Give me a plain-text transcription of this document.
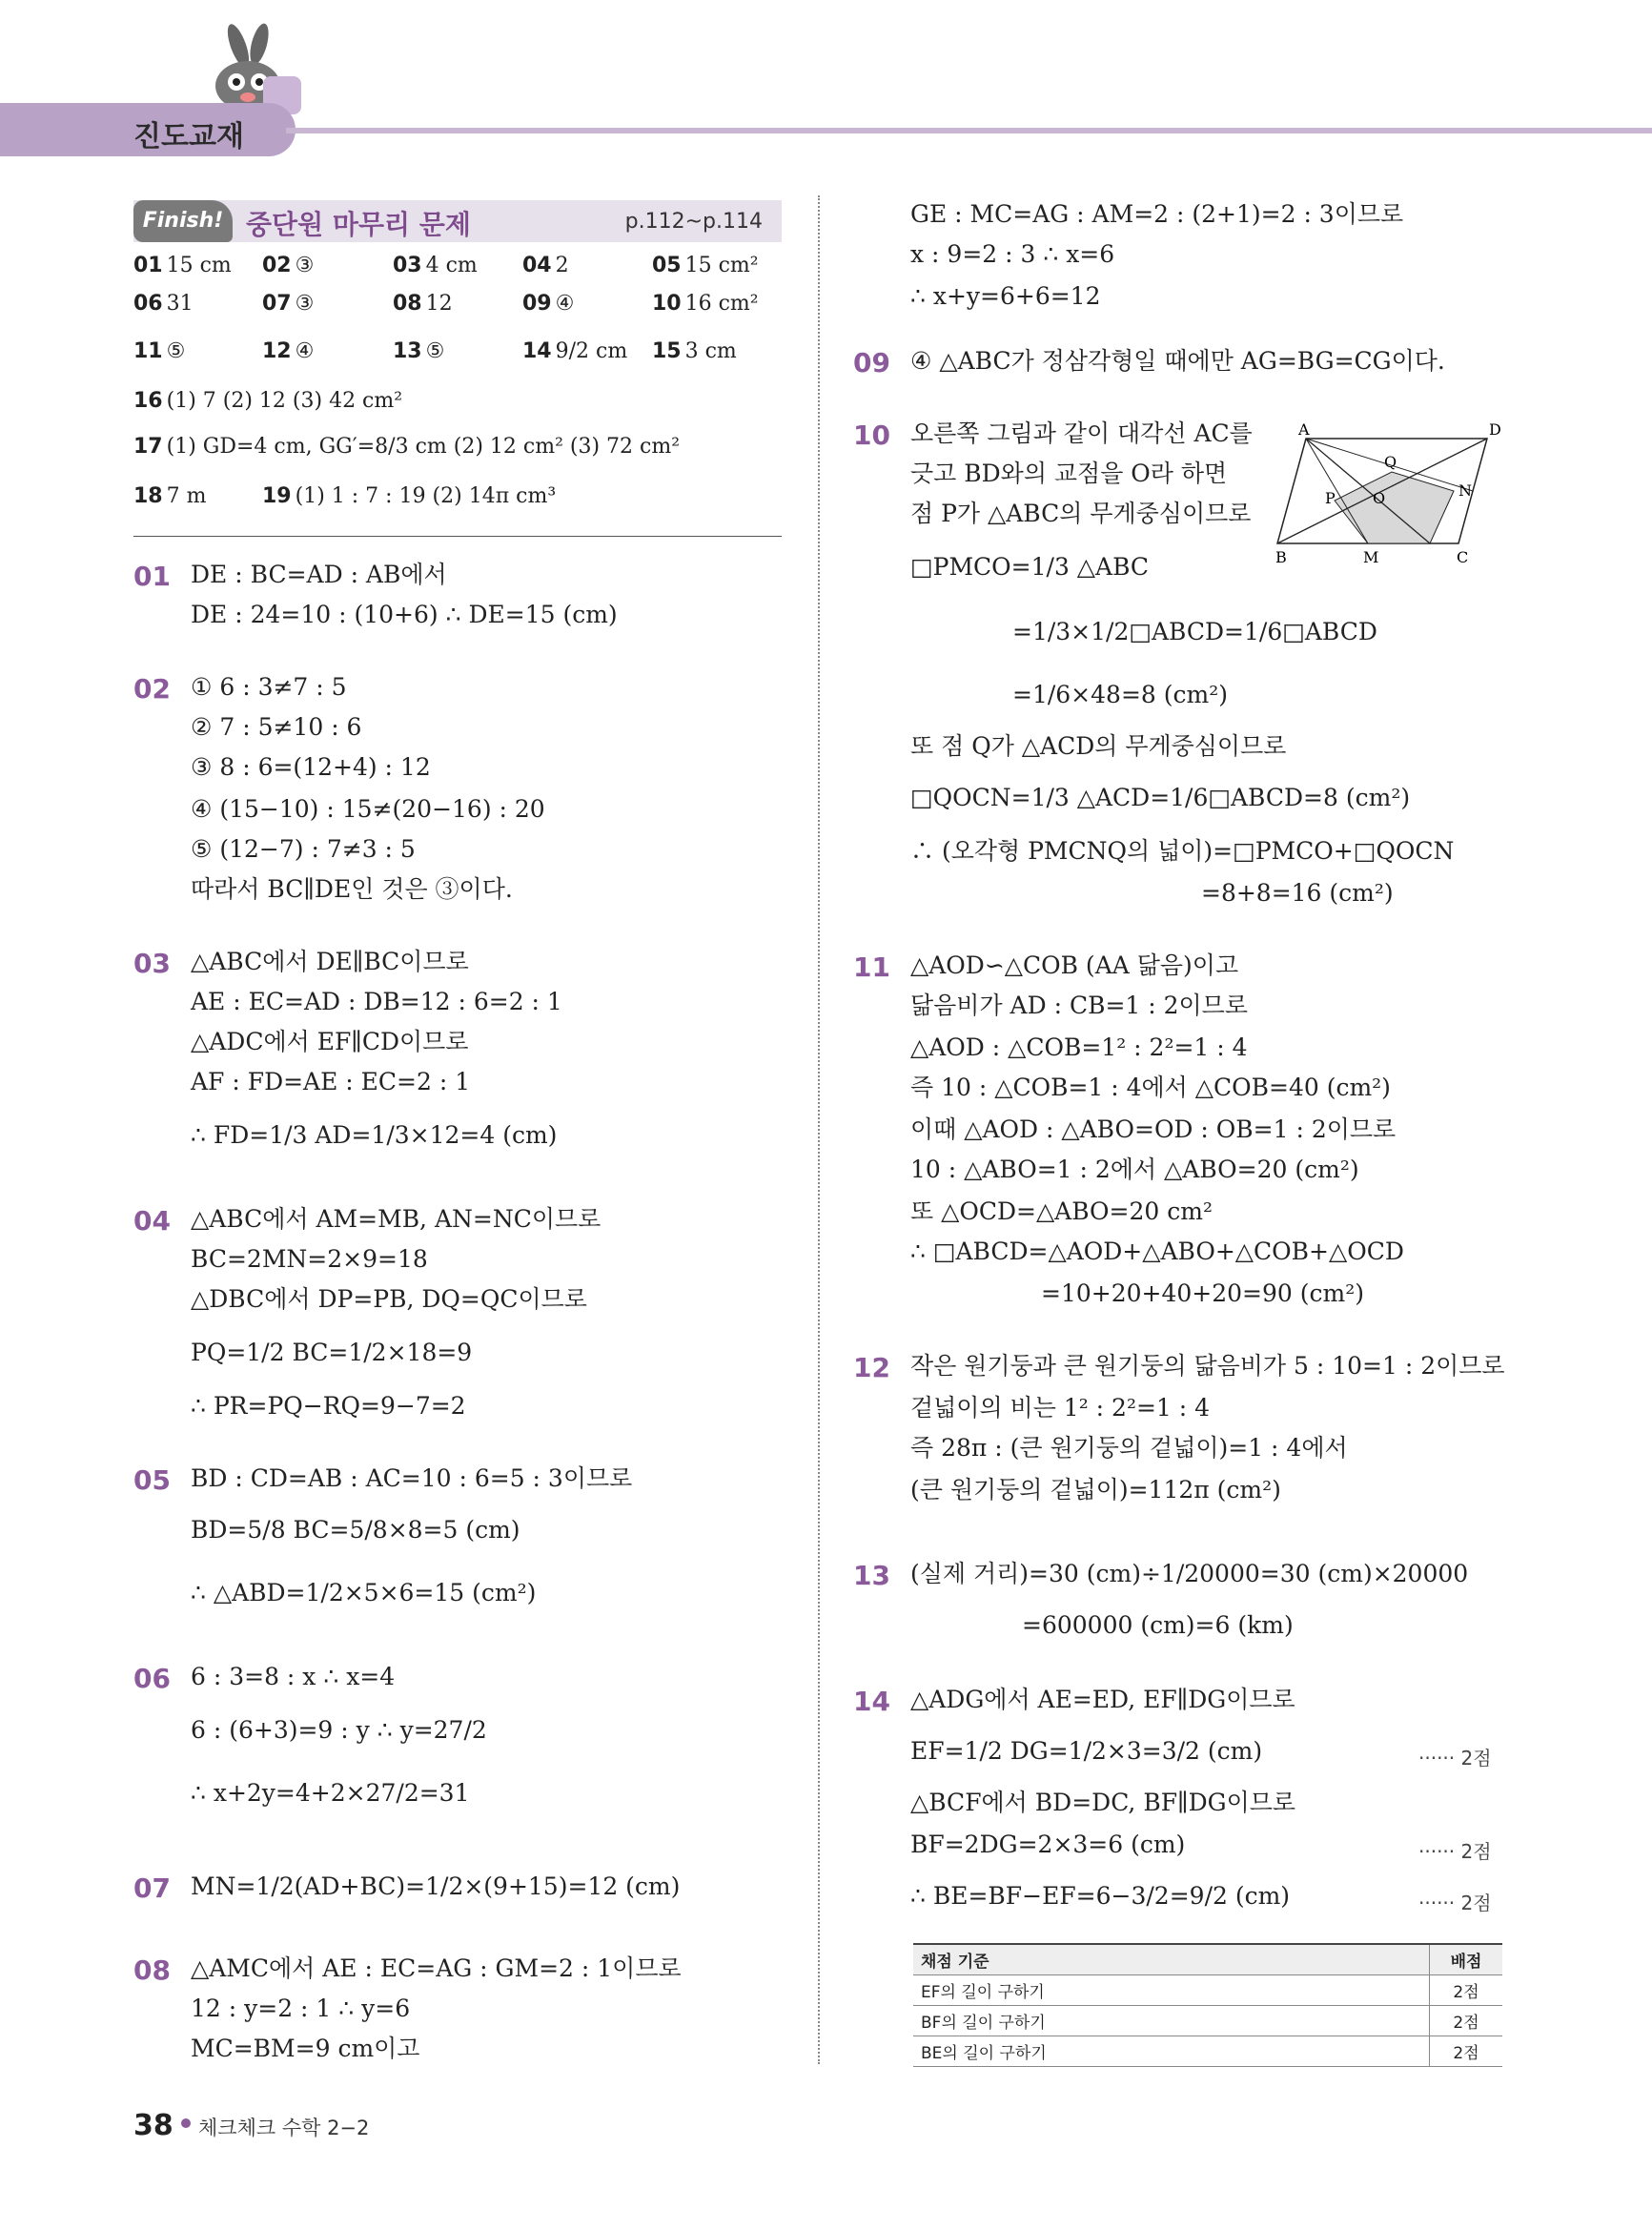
진도교재
Finish! 중단원 마무리 문제	p.112~p.114
01 15 cm 02 ③	03 4 cm 04 2	05 15 cm²
06 31	07 ③	08 12	09 ④	10 16 cm²
11 ⑤	12 ④	13 ⑤	14 9/2 cm 15 3 cm
16 (1) 7 (2) 12 (3) 42 cm²
17 (1) GD=4 cm, GG′=8/3 cm (2) 12 cm² (3) 72 cm²
18 7 m	19 (1) 1 : 7 : 19 (2) 14π cm³
01 DE : BC=AD : AB에서
DE : 24=10 : (10+6) ∴ DE=15 (cm)
02 ① 6 : 3≠7 : 5
② 7 : 5≠10 : 6
③ 8 : 6=(12+4) : 12
④ (15−10) : 15≠(20−16) : 20
⑤ (12−7) : 7≠3 : 5
따라서 BC∥DE인 것은 ③이다.
03 △ABC에서 DE∥BC이므로
AE : EC=AD : DB=12 : 6=2 : 1
△ADC에서 EF∥CD이므로
AF : FD=AE : EC=2 : 1
∴ FD=1/3 AD=1/3×12=4 (cm)
04 △ABC에서 AM=MB, AN=NC이므로
BC=2MN=2×9=18
△DBC에서 DP=PB, DQ=QC이므로
PQ=1/2 BC=1/2×18=9
∴ PR=PQ−RQ=9−7=2
05 BD : CD=AB : AC=10 : 6=5 : 3이므로
BD=5/8 BC=5/8×8=5 (cm)
∴ △ABD=1/2×5×6=15 (cm²)
06 6 : 3=8 : x ∴ x=4
6 : (6+3)=9 : y ∴ y=27/2
∴ x+2y=4+2×27/2=31
07 MN=1/2(AD+BC)=1/2×(9+15)=12 (cm)
08 △AMC에서 AE : EC=AG : GM=2 : 1이므로
12 : y=2 : 1 ∴ y=6
MC=BM=9 cm이고
GE : MC=AG : AM=2 : (2+1)=2 : 3이므로
x : 9=2 : 3 ∴ x=6
∴ x+y=6+6=12
09 ④ △ABC가 정삼각형일 때에만 AG=BG=CG이다.
10 오른쪽 그림과 같이 대각선 AC를
긋고 BD와의 교점을 O라 하면
점 P가 △ABC의 무게중심이므로
□PMCO=1/3 △ABC
=1/3×1/2□ABCD=1/6□ABCD
=1/6×48=8 (cm²)
또 점 Q가 △ACD의 무게중심이므로
□QOCN=1/3 △ACD=1/6□ABCD=8 (cm²)
∴ (오각형 PMCNQ의 넓이)=□PMCO+□QOCN
=8+8=16 (cm²)
A	D
Q
N
P O
B	M	C
11 △AOD∽△COB (AA 닮음)이고
닮음비가 AD : CB=1 : 2이므로
△AOD : △COB=1² : 2²=1 : 4
즉 10 : △COB=1 : 4에서 △COB=40 (cm²)
이때 △AOD : △ABO=OD : OB=1 : 2이므로
10 : △ABO=1 : 2에서 △ABO=20 (cm²)
또 △OCD=△ABO=20 cm²
∴ □ABCD=△AOD+△ABO+△COB+△OCD
=10+20+40+20=90 (cm²)
12 작은 원기둥과 큰 원기둥의 닮음비가 5 : 10=1 : 2이므로
겉넓이의 비는 1² : 2²=1 : 4
즉 28π : (큰 원기둥의 겉넓이)=1 : 4에서
(큰 원기둥의 겉넓이)=112π (cm²)
13 (실제 거리)=30 (cm)÷1/20000=30 (cm)×20000
=600000 (cm)=6 (km)
14 △ADG에서 AE=ED, EF∥DG이므로
EF=1/2 DG=1/2×3=3/2 (cm)	······ 2점
△BCF에서 BD=DC, BF∥DG이므로
BF=2DG=2×3=6 (cm)	······ 2점
∴ BE=BF−EF=6−3/2=9/2 (cm)	······ 2점
채점 기준	배점
EF의 길이 구하기	2점
BF의 길이 구하기	2점
BE의 길이 구하기	2점
38 체크체크 수학 2−2
